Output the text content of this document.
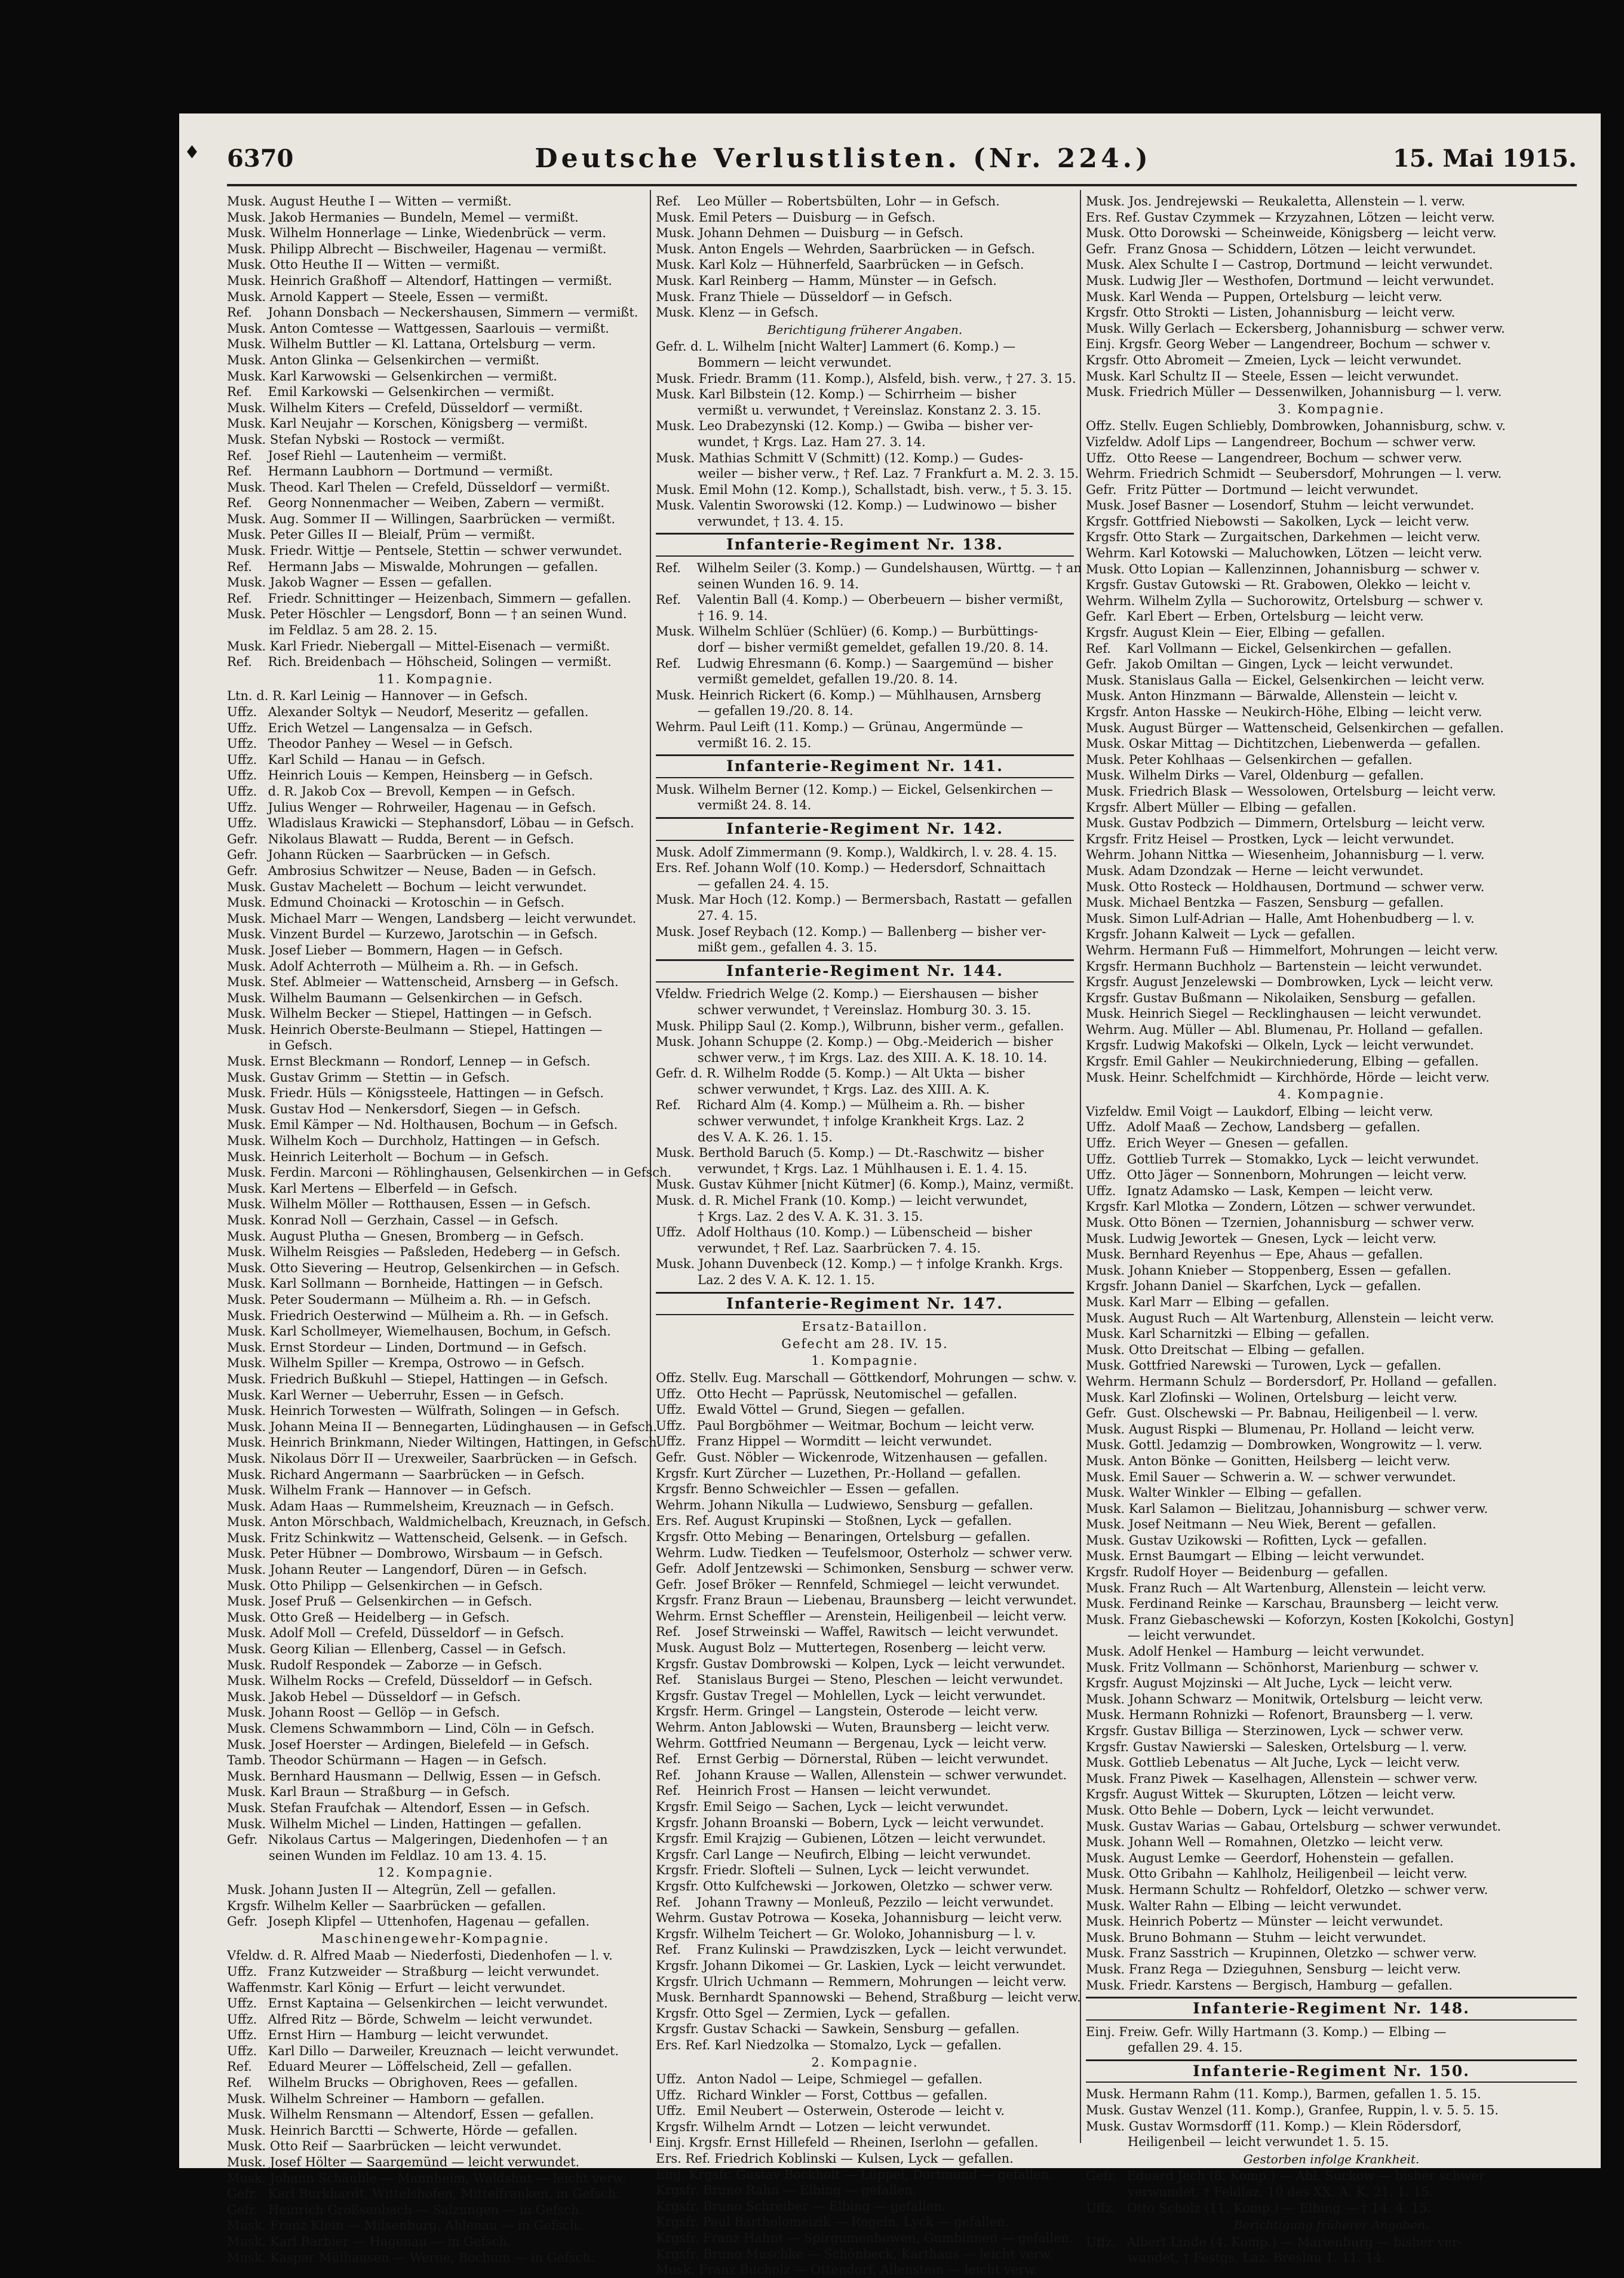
♦ 6370	Deutsche Verlustlisten. (Nr. 224.)	15. Mai 1915.
Musk. August Heuthe I — Witten — vermißt.
Musk. Jakob Hermanies — Bundeln, Memel — vermißt.
Musk. Wilhelm Honnerlage — Linke, Wiedenbrück — verm.
Musk. Philipp Albrecht — Bischweiler, Hagenau — vermißt.
Musk. Otto Heuthe II — Witten — vermißt.
Musk. Heinrich Graßhoff — Altendorf, Hattingen — vermißt.
Musk. Arnold Kappert — Steele, Essen — vermißt.
Ref. Johann Donsbach — Neckershausen, Simmern — vermißt.
Musk. Anton Comtesse — Wattgessen, Saarlouis — vermißt.
Musk. Wilhelm Buttler — Kl. Lattana, Ortelsburg — verm.
Musk. Anton Glinka — Gelsenkirchen — vermißt.
Musk. Karl Karwowski — Gelsenkirchen — vermißt.
Ref. Emil Karkowski — Gelsenkirchen — vermißt.
Musk. Wilhelm Kiters — Crefeld, Düsseldorf — vermißt.
Musk. Karl Neujahr — Korschen, Königsberg — vermißt.
Musk. Stefan Nybski — Rostock — vermißt.
Ref. Josef Riehl — Lautenheim — vermißt.
Ref. Hermann Laubhorn — Dortmund — vermißt.
Musk. Theod. Karl Thelen — Crefeld, Düsseldorf — vermißt.
Ref. Georg Nonnenmacher — Weiben, Zabern — vermißt.
Musk. Aug. Sommer II — Willingen, Saarbrücken — vermißt.
Musk. Peter Gilles II — Bleialf, Prüm — vermißt.
Musk. Friedr. Wittje — Pentsele, Stettin — schwer verwundet.
Ref. Hermann Jabs — Miswalde, Mohrungen — gefallen.
Musk. Jakob Wagner — Essen — gefallen.
Ref. Friedr. Schnittinger — Heizenbach, Simmern — gefallen.
Musk. Peter Höschler — Lengsdorf, Bonn — † an seinen Wund.
im Feldlaz. 5 am 28. 2. 15.
Musk. Karl Friedr. Niebergall — Mittel-Eisenach — vermißt.
Ref. Rich. Breidenbach — Höhscheid, Solingen — vermißt.
11. Kompagnie.
Ltn. d. R. Karl Leinig — Hannover — in Gefsch.
Uffz. Alexander Soltyk — Neudorf, Meseritz — gefallen.
Uffz. Erich Wetzel — Langensalza — in Gefsch.
Uffz. Theodor Panhey — Wesel — in Gefsch.
Uffz. Karl Schild — Hanau — in Gefsch.
Uffz. Heinrich Louis — Kempen, Heinsberg — in Gefsch.
Uffz. d. R. Jakob Cox — Brevoll, Kempen — in Gefsch.
Uffz. Julius Wenger — Rohrweiler, Hagenau — in Gefsch.
Uffz. Wladislaus Krawicki — Stephansdorf, Löbau — in Gefsch.
Gefr. Nikolaus Blawatt — Rudda, Berent — in Gefsch.
Gefr. Johann Rücken — Saarbrücken — in Gefsch.
Gefr. Ambrosius Schwitzer — Neuse, Baden — in Gefsch.
Musk. Gustav Machelett — Bochum — leicht verwundet.
Musk. Edmund Choinacki — Krotoschin — in Gefsch.
Musk. Michael Marr — Wengen, Landsberg — leicht verwundet.
Musk. Vinzent Burdel — Kurzewo, Jarotschin — in Gefsch.
Musk. Josef Lieber — Bommern, Hagen — in Gefsch.
Musk. Adolf Achterroth — Mülheim a. Rh. — in Gefsch.
Musk. Stef. Ablmeier — Wattenscheid, Arnsberg — in Gefsch.
Musk. Wilhelm Baumann — Gelsenkirchen — in Gefsch.
Musk. Wilhelm Becker — Stiepel, Hattingen — in Gefsch.
Musk. Heinrich Oberste-Beulmann — Stiepel, Hattingen —
in Gefsch.
Musk. Ernst Bleckmann — Rondorf, Lennep — in Gefsch.
Musk. Gustav Grimm — Stettin — in Gefsch.
Musk. Friedr. Hüls — Königssteele, Hattingen — in Gefsch.
Musk. Gustav Hod — Nenkersdorf, Siegen — in Gefsch.
Musk. Emil Kämper — Nd. Holthausen, Bochum — in Gefsch.
Musk. Wilhelm Koch — Durchholz, Hattingen — in Gefsch.
Musk. Heinrich Leiterholt — Bochum — in Gefsch.
Musk. Ferdin. Marconi — Röhlinghausen, Gelsenkirchen — in Gefsch.
Musk. Karl Mertens — Elberfeld — in Gefsch.
Musk. Wilhelm Möller — Rotthausen, Essen — in Gefsch.
Musk. Konrad Noll — Gerzhain, Cassel — in Gefsch.
Musk. August Plutha — Gnesen, Bromberg — in Gefsch.
Musk. Wilhelm Reisgies — Paßsleden, Hedeberg — in Gefsch.
Musk. Otto Sievering — Heutrop, Gelsenkirchen — in Gefsch.
Musk. Karl Sollmann — Bornheide, Hattingen — in Gefsch.
Musk. Peter Soudermann — Mülheim a. Rh. — in Gefsch.
Musk. Friedrich Oesterwind — Mülheim a. Rh. — in Gefsch.
Musk. Karl Schollmeyer, Wiemelhausen, Bochum, in Gefsch.
Musk. Ernst Stordeur — Linden, Dortmund — in Gefsch.
Musk. Wilhelm Spiller — Krempa, Ostrowo — in Gefsch.
Musk. Friedrich Bußkuhl — Stiepel, Hattingen — in Gefsch.
Musk. Karl Werner — Ueberruhr, Essen — in Gefsch.
Musk. Heinrich Torwesten — Wülfrath, Solingen — in Gefsch.
Musk. Johann Meina II — Bennegarten, Lüdinghausen — in Gefsch.
Musk. Heinrich Brinkmann, Nieder Wiltingen, Hattingen, in Gefsch.
Musk. Nikolaus Dörr II — Urexweiler, Saarbrücken — in Gefsch.
Musk. Richard Angermann — Saarbrücken — in Gefsch.
Musk. Wilhelm Frank — Hannover — in Gefsch.
Musk. Adam Haas — Rummelsheim, Kreuznach — in Gefsch.
Musk. Anton Mörschbach, Waldmichelbach, Kreuznach, in Gefsch.
Musk. Fritz Schinkwitz — Wattenscheid, Gelsenk. — in Gefsch.
Musk. Peter Hübner — Dombrowo, Wirsbaum — in Gefsch.
Musk. Johann Reuter — Langendorf, Düren — in Gefsch.
Musk. Otto Philipp — Gelsenkirchen — in Gefsch.
Musk. Josef Pruß — Gelsenkirchen — in Gefsch.
Musk. Otto Greß — Heidelberg — in Gefsch.
Musk. Adolf Moll — Crefeld, Düsseldorf — in Gefsch.
Musk. Georg Kilian — Ellenberg, Cassel — in Gefsch.
Musk. Rudolf Respondek — Zaborze — in Gefsch.
Musk. Wilhelm Rocks — Crefeld, Düsseldorf — in Gefsch.
Musk. Jakob Hebel — Düsseldorf — in Gefsch.
Musk. Johann Roost — Gellöp — in Gefsch.
Musk. Clemens Schwammborn — Lind, Cöln — in Gefsch.
Musk. Josef Hoerster — Ardingen, Bielefeld — in Gefsch.
Tamb. Theodor Schürmann — Hagen — in Gefsch.
Musk. Bernhard Hausmann — Dellwig, Essen — in Gefsch.
Musk. Karl Braun — Straßburg — in Gefsch.
Musk. Stefan Fraufchak — Altendorf, Essen — in Gefsch.
Musk. Wilhelm Michel — Linden, Hattingen — gefallen.
Gefr. Nikolaus Cartus — Malgeringen, Diedenhofen — † an
seinen Wunden im Feldlaz. 10 am 13. 4. 15.
12. Kompagnie.
Musk. Johann Justen II — Altegrün, Zell — gefallen.
Krgsfr. Wilhelm Keller — Saarbrücken — gefallen.
Gefr. Joseph Klipfel — Uttenhofen, Hagenau — gefallen.
Maschinengewehr-Kompagnie.
Vfeldw. d. R. Alfred Maab — Niederfosti, Diedenhofen — l. v.
Uffz. Franz Kutzweider — Straßburg — leicht verwundet.
Waffenmstr. Karl König — Erfurt — leicht verwundet.
Uffz. Ernst Kaptaina — Gelsenkirchen — leicht verwundet.
Uffz. Alfred Ritz — Börde, Schwelm — leicht verwundet.
Uffz. Ernst Hirn — Hamburg — leicht verwundet.
Uffz. Karl Dillo — Darweiler, Kreuznach — leicht verwundet.
Ref. Eduard Meurer — Löffelscheid, Zell — gefallen.
Ref. Wilhelm Brucks — Obrighoven, Rees — gefallen.
Musk. Wilhelm Schreiner — Hamborn — gefallen.
Musk. Wilhelm Rensmann — Altendorf, Essen — gefallen.
Musk. Heinrich Barctti — Schwerte, Hörde — gefallen.
Musk. Otto Reif — Saarbrücken — leicht verwundet.
Musk. Josef Hölter — Saargemünd — leicht verwundet.
Musk. Johann Schäuble — Mannheim, Waldshut — leicht verw.
Gefr. Karl Burkhardt, Wittelshofen, Mittelfranken, in Gefsch.
Gefr. Heinrich Großsenbach — Salzungen — in Gefsch.
Musk. Franz Klein — Milsenburg, Ahlenau — in Gefsch.
Musk. Karl Barbier — Hagenau — in Gefsch.
Musk. Kaspar Mülhausen — Werne, Bochum — in Gefsch.
Ref. Leo Müller — Robertsbülten, Lohr — in Gefsch.
Musk. Emil Peters — Duisburg — in Gefsch.
Musk. Johann Dehmen — Duisburg — in Gefsch.
Musk. Anton Engels — Wehrden, Saarbrücken — in Gefsch.
Musk. Karl Kolz — Hühnerfeld, Saarbrücken — in Gefsch.
Musk. Karl Reinberg — Hamm, Münster — in Gefsch.
Musk. Franz Thiele — Düsseldorf — in Gefsch.
Musk. Klenz — in Gefsch.
Berichtigung früherer Angaben.
Gefr. d. L. Wilhelm [nicht Walter] Lammert (6. Komp.) —
Bommern — leicht verwundet.
Musk. Friedr. Bramm (11. Komp.), Alsfeld, bish. verw., † 27. 3. 15.
Musk. Karl Bilbstein (12. Komp.) — Schirrheim — bisher
vermißt u. verwundet, † Vereinslaz. Konstanz 2. 3. 15.
Musk. Leo Drabezynski (12. Komp.) — Gwiba — bisher ver-
wundet, † Krgs. Laz. Ham 27. 3. 14.
Musk. Mathias Schmitt V (Schmitt) (12. Komp.) — Gudes-
weiler — bisher verw., † Ref. Laz. 7 Frankfurt a. M. 2. 3. 15.
Musk. Emil Mohn (12. Komp.), Schallstadt, bish. verw., † 5. 3. 15.
Musk. Valentin Sworowski (12. Komp.) — Ludwinowo — bisher
verwundet, † 13. 4. 15.
Infanterie-Regiment Nr. 138.
Ref. Wilhelm Seiler (3. Komp.) — Gundelshausen, Württg. — † an
seinen Wunden 16. 9. 14.
Ref. Valentin Ball (4. Komp.) — Oberbeuern — bisher vermißt,
† 16. 9. 14.
Musk. Wilhelm Schlüer (Schlüer) (6. Komp.) — Burbüttings-
dorf — bisher vermißt gemeldet, gefallen 19./20. 8. 14.
Ref. Ludwig Ehresmann (6. Komp.) — Saargemünd — bisher
vermißt gemeldet, gefallen 19./20. 8. 14.
Musk. Heinrich Rickert (6. Komp.) — Mühlhausen, Arnsberg
— gefallen 19./20. 8. 14.
Wehrm. Paul Leift (11. Komp.) — Grünau, Angermünde —
vermißt 16. 2. 15.
Infanterie-Regiment Nr. 141.
Musk. Wilhelm Berner (12. Komp.) — Eickel, Gelsenkirchen —
vermißt 24. 8. 14.
Infanterie-Regiment Nr. 142.
Musk. Adolf Zimmermann (9. Komp.), Waldkirch, l. v. 28. 4. 15.
Ers. Ref. Johann Wolf (10. Komp.) — Hedersdorf, Schnaittach
— gefallen 24. 4. 15.
Musk. Mar Hoch (12. Komp.) — Bermersbach, Rastatt — gefallen
27. 4. 15.
Musk. Josef Reybach (12. Komp.) — Ballenberg — bisher ver-
mißt gem., gefallen 4. 3. 15.
Infanterie-Regiment Nr. 144.
Vfeldw. Friedrich Welge (2. Komp.) — Eiershausen — bisher
schwer verwundet, † Vereinslaz. Homburg 30. 3. 15.
Musk. Philipp Saul (2. Komp.), Wilbrunn, bisher verm., gefallen.
Musk. Johann Schuppe (2. Komp.) — Obg.-Meiderich — bisher
schwer verw., † im Krgs. Laz. des XIII. A. K. 18. 10. 14.
Gefr. d. R. Wilhelm Rodde (5. Komp.) — Alt Ukta — bisher
schwer verwundet, † Krgs. Laz. des XIII. A. K.
Ref. Richard Alm (4. Komp.) — Mülheim a. Rh. — bisher
schwer verwundet, † infolge Krankheit Krgs. Laz. 2
des V. A. K. 26. 1. 15.
Musk. Berthold Baruch (5. Komp.) — Dt.-Raschwitz — bisher
verwundet, † Krgs. Laz. 1 Mühlhausen i. E. 1. 4. 15.
Musk. Gustav Kühmer [nicht Kütmer] (6. Komp.), Mainz, vermißt.
Musk. d. R. Michel Frank (10. Komp.) — leicht verwundet,
† Krgs. Laz. 2 des V. A. K. 31. 3. 15.
Uffz. Adolf Holthaus (10. Komp.) — Lübenscheid — bisher
verwundet, † Ref. Laz. Saarbrücken 7. 4. 15.
Musk. Johann Duvenbeck (12. Komp.) — † infolge Krankh. Krgs.
Laz. 2 des V. A. K. 12. 1. 15.
Infanterie-Regiment Nr. 147.
Ersatz-Bataillon.
Gefecht am 28. IV. 15.
1. Kompagnie.
Offz. Stellv. Eug. Marschall — Göttkendorf, Mohrungen — schw. v.
Uffz. Otto Hecht — Paprüssk, Neutomischel — gefallen.
Uffz. Ewald Vöttel — Grund, Siegen — gefallen.
Uffz. Paul Borgböhmer — Weitmar, Bochum — leicht verw.
Uffz. Franz Hippel — Wormditt — leicht verwundet.
Gefr. Gust. Nöbler — Wickenrode, Witzenhausen — gefallen.
Krgsfr. Kurt Zürcher — Luzethen, Pr.-Holland — gefallen.
Krgsfr. Benno Schweichler — Essen — gefallen.
Wehrm. Johann Nikulla — Ludwiewo, Sensburg — gefallen.
Ers. Ref. August Krupinski — Stoßnen, Lyck — gefallen.
Krgsfr. Otto Mebing — Benaringen, Ortelsburg — gefallen.
Wehrm. Ludw. Tiedken — Teufelsmoor, Osterholz — schwer verw.
Gefr. Adolf Jentzewski — Schimonken, Sensburg — schwer verw.
Gefr. Josef Bröker — Rennfeld, Schmiegel — leicht verwundet.
Krgsfr. Franz Braun — Liebenau, Braunsberg — leicht verwundet.
Wehrm. Ernst Scheffler — Arenstein, Heiligenbeil — leicht verw.
Ref. Josef Strweinski — Waffel, Rawitsch — leicht verwundet.
Musk. August Bolz — Muttertegen, Rosenberg — leicht verw.
Krgsfr. Gustav Dombrowski — Kolpen, Lyck — leicht verwundet.
Ref. Stanislaus Burgei — Steno, Pleschen — leicht verwundet.
Krgsfr. Gustav Tregel — Mohlellen, Lyck — leicht verwundet.
Krgsfr. Herm. Gringel — Langstein, Osterode — leicht verw.
Wehrm. Anton Jablowski — Wuten, Braunsberg — leicht verw.
Wehrm. Gottfried Neumann — Bergenau, Lyck — leicht verw.
Ref. Ernst Gerbig — Dörnerstal, Rüben — leicht verwundet.
Ref. Johann Krause — Wallen, Allenstein — schwer verwundet.
Ref. Heinrich Frost — Hansen — leicht verwundet.
Krgsfr. Emil Seigo — Sachen, Lyck — leicht verwundet.
Krgsfr. Johann Broanski — Bobern, Lyck — leicht verwundet.
Krgsfr. Emil Krajzig — Gubienen, Lötzen — leicht verwundet.
Krgsfr. Carl Lange — Neufirch, Elbing — leicht verwundet.
Krgsfr. Friedr. Slofteli — Sulnen, Lyck — leicht verwundet.
Krgsfr. Otto Kulfchewski — Jorkowen, Oletzko — schwer verw.
Ref. Johann Trawny — Monleuß, Pezzilo — leicht verwundet.
Wehrm. Gustav Potrowa — Koseka, Johannisburg — leicht verw.
Krgsfr. Wilhelm Teichert — Gr. Woloko, Johannisburg — l. v.
Ref. Franz Kulinski — Prawdziszken, Lyck — leicht verwundet.
Krgsfr. Johann Dikomei — Gr. Laskien, Lyck — leicht verwundet.
Krgsfr. Ulrich Uchmann — Remmern, Mohrungen — leicht verw.
Musk. Bernhardt Spannowski — Behend, Straßburg — leicht verw.
Krgsfr. Otto Sgel — Zermien, Lyck — gefallen.
Krgsfr. Gustav Schacki — Sawkein, Sensburg — gefallen.
Ers. Ref. Karl Niedzolka — Stomalzo, Lyck — gefallen.
2. Kompagnie.
Uffz. Anton Nadol — Leipe, Schmiegel — gefallen.
Uffz. Richard Winkler — Forst, Cottbus — gefallen.
Uffz. Emil Neubert — Osterwein, Osterode — leicht v.
Krgsfr. Wilhelm Arndt — Lotzen — leicht verwundet.
Einj. Krgsfr. Ernst Hillefeld — Rheinen, Iserlohn — gefallen.
Ers. Ref. Friedrich Koblinski — Kulsen, Lyck — gefallen.
Einj. Krgsfr. Gustav Bockholt — Lüppel, Dortmund — gefallen.
Krgsfr. Bruno Rahn — Elbing — gefallen.
Krgsfr. Bruno Schreiber — Elbing — gefallen.
Krgsfr. Paul Bartholomeizik — Regeln, Lyck — gefallen.
Krgsfr. Franz Hahnt — Spirgumenhowen, Gumbinnen — gefallen.
Krgsfr. Bruno Muschke — Schönbeck, Karthaus — leicht verw.
Musk. Franz Bucholz — Ottendorf, Allenstein — leicht verw.
Musk. Jos. Jendrejewski — Reukaletta, Allenstein — l. verw.
Ers. Ref. Gustav Czymmek — Krzyzahnen, Lötzen — leicht verw.
Musk. Otto Dorowski — Scheinweide, Königsberg — leicht verw.
Gefr. Franz Gnosa — Schiddern, Lötzen — leicht verwundet.
Musk. Alex Schulte I — Castrop, Dortmund — leicht verwundet.
Musk. Ludwig Jler — Westhofen, Dortmund — leicht verwundet.
Musk. Karl Wenda — Puppen, Ortelsburg — leicht verw.
Krgsfr. Otto Strokti — Listen, Johannisburg — leicht verw.
Musk. Willy Gerlach — Eckersberg, Johannisburg — schwer verw.
Einj. Krgsfr. Georg Weber — Langendreer, Bochum — schwer v.
Krgsfr. Otto Abromeit — Zmeien, Lyck — leicht verwundet.
Musk. Karl Schultz II — Steele, Essen — leicht verwundet.
Musk. Friedrich Müller — Dessenwilken, Johannisburg — l. verw.
3. Kompagnie.
Offz. Stellv. Eugen Schliebly, Dombrowken, Johannisburg, schw. v.
Vizfeldw. Adolf Lips — Langendreer, Bochum — schwer verw.
Uffz. Otto Reese — Langendreer, Bochum — schwer verw.
Wehrm. Friedrich Schmidt — Seubersdorf, Mohrungen — l. verw.
Gefr. Fritz Pütter — Dortmund — leicht verwundet.
Musk. Josef Basner — Losendorf, Stuhm — leicht verwundet.
Krgsfr. Gottfried Niebowsti — Sakolken, Lyck — leicht verw.
Krgsfr. Otto Stark — Zurgaitschen, Darkehmen — leicht verw.
Wehrm. Karl Kotowski — Maluchowken, Lötzen — leicht verw.
Musk. Otto Lopian — Kallenzinnen, Johannisburg — schwer v.
Krgsfr. Gustav Gutowski — Rt. Grabowen, Olekko — leicht v.
Wehrm. Wilhelm Zylla — Suchorowitz, Ortelsburg — schwer v.
Gefr. Karl Ebert — Erben, Ortelsburg — leicht verw.
Krgsfr. August Klein — Eier, Elbing — gefallen.
Ref. Karl Vollmann — Eickel, Gelsenkirchen — gefallen.
Gefr. Jakob Omiltan — Gingen, Lyck — leicht verwundet.
Musk. Stanislaus Galla — Eickel, Gelsenkirchen — leicht verw.
Musk. Anton Hinzmann — Bärwalde, Allenstein — leicht v.
Krgsfr. Anton Hasske — Neukirch-Höhe, Elbing — leicht verw.
Musk. August Bürger — Wattenscheid, Gelsenkirchen — gefallen.
Musk. Oskar Mittag — Dichtitzchen, Liebenwerda — gefallen.
Musk. Peter Kohlhaas — Gelsenkirchen — gefallen.
Musk. Wilhelm Dirks — Varel, Oldenburg — gefallen.
Musk. Friedrich Blask — Wessolowen, Ortelsburg — leicht verw.
Krgsfr. Albert Müller — Elbing — gefallen.
Musk. Gustav Podbzich — Dimmern, Ortelsburg — leicht verw.
Krgsfr. Fritz Heisel — Prostken, Lyck — leicht verwundet.
Wehrm. Johann Nittka — Wiesenheim, Johannisburg — l. verw.
Musk. Adam Dzondzak — Herne — leicht verwundet.
Musk. Otto Rosteck — Holdhausen, Dortmund — schwer verw.
Musk. Michael Bentzka — Faszen, Sensburg — gefallen.
Musk. Simon Lulf-Adrian — Halle, Amt Hohenbudberg — l. v.
Krgsfr. Johann Kalweit — Lyck — gefallen.
Wehrm. Hermann Fuß — Himmelfort, Mohrungen — leicht verw.
Krgsfr. Hermann Buchholz — Bartenstein — leicht verwundet.
Krgsfr. August Jenzelewski — Dombrowken, Lyck — leicht verw.
Krgsfr. Gustav Bußmann — Nikolaiken, Sensburg — gefallen.
Musk. Heinrich Siegel — Recklinghausen — leicht verwundet.
Wehrm. Aug. Müller — Abl. Blumenau, Pr. Holland — gefallen.
Krgsfr. Ludwig Makofski — Olkeln, Lyck — leicht verwundet.
Krgsfr. Emil Gahler — Neukirchniederung, Elbing — gefallen.
Musk. Heinr. Schelfchmidt — Kirchhörde, Hörde — leicht verw.
4. Kompagnie.
Vizfeldw. Emil Voigt — Laukdorf, Elbing — leicht verw.
Uffz. Adolf Maaß — Zechow, Landsberg — gefallen.
Uffz. Erich Weyer — Gnesen — gefallen.
Uffz. Gottlieb Turrek — Stomakko, Lyck — leicht verwundet.
Uffz. Otto Jäger — Sonnenborn, Mohrungen — leicht verw.
Uffz. Ignatz Adamsko — Lask, Kempen — leicht verw.
Krgsfr. Karl Mlotka — Zondern, Lötzen — schwer verwundet.
Musk. Otto Bönen — Tzernien, Johannisburg — schwer verw.
Musk. Ludwig Jewortek — Gnesen, Lyck — leicht verw.
Musk. Bernhard Reyenhus — Epe, Ahaus — gefallen.
Musk. Johann Knieber — Stoppenberg, Essen — gefallen.
Krgsfr. Johann Daniel — Skarfchen, Lyck — gefallen.
Musk. Karl Marr — Elbing — gefallen.
Musk. August Ruch — Alt Wartenburg, Allenstein — leicht verw.
Musk. Karl Scharnitzki — Elbing — gefallen.
Musk. Otto Dreitschat — Elbing — gefallen.
Musk. Gottfried Narewski — Turowen, Lyck — gefallen.
Wehrm. Hermann Schulz — Bordersdorf, Pr. Holland — gefallen.
Musk. Karl Zlofinski — Wolinen, Ortelsburg — leicht verw.
Gefr. Gust. Olschewski — Pr. Babnau, Heiligenbeil — l. verw.
Musk. August Rispki — Blumenau, Pr. Holland — leicht verw.
Musk. Gottl. Jedamzig — Dombrowken, Wongrowitz — l. verw.
Musk. Anton Bönke — Gonitten, Heilsberg — leicht verw.
Musk. Emil Sauer — Schwerin a. W. — schwer verwundet.
Musk. Walter Winkler — Elbing — gefallen.
Musk. Karl Salamon — Bielitzau, Johannisburg — schwer verw.
Musk. Josef Neitmann — Neu Wiek, Berent — gefallen.
Musk. Gustav Uzikowski — Rofitten, Lyck — gefallen.
Musk. Ernst Baumgart — Elbing — leicht verwundet.
Krgsfr. Rudolf Hoyer — Beidenburg — gefallen.
Musk. Franz Ruch — Alt Wartenburg, Allenstein — leicht verw.
Musk. Ferdinand Reinke — Karschau, Braunsberg — leicht verw.
Musk. Franz Giebaschewski — Koforzyn, Kosten [Kokolchi, Gostyn]
— leicht verwundet.
Musk. Adolf Henkel — Hamburg — leicht verwundet.
Musk. Fritz Vollmann — Schönhorst, Marienburg — schwer v.
Krgsfr. August Mojzinski — Alt Juche, Lyck — leicht verw.
Musk. Johann Schwarz — Monitwik, Ortelsburg — leicht verw.
Musk. Hermann Rohnizki — Rofenort, Braunsberg — l. verw.
Krgsfr. Gustav Billiga — Sterzinowen, Lyck — schwer verw.
Krgsfr. Gustav Nawierski — Salesken, Ortelsburg — l. verw.
Musk. Gottlieb Lebenatus — Alt Juche, Lyck — leicht verw.
Musk. Franz Piwek — Kaselhagen, Allenstein — schwer verw.
Krgsfr. August Wittek — Skurupten, Lötzen — leicht verw.
Musk. Otto Behle — Dobern, Lyck — leicht verwundet.
Musk. Gustav Warias — Gabau, Ortelsburg — schwer verwundet.
Musk. Johann Well — Romahnen, Oletzko — leicht verw.
Musk. August Lemke — Geerdorf, Hohenstein — gefallen.
Musk. Otto Gribahn — Kahlholz, Heiligenbeil — leicht verw.
Musk. Hermann Schultz — Rohfeldorf, Oletzko — schwer verw.
Musk. Walter Rahn — Elbing — leicht verwundet.
Musk. Heinrich Pobertz — Münster — leicht verwundet.
Musk. Bruno Bohmann — Stuhm — leicht verwundet.
Musk. Franz Sasstrich — Krupinnen, Oletzko — schwer verw.
Musk. Franz Rega — Dzieguhnen, Sensburg — leicht verw.
Musk. Friedr. Karstens — Bergisch, Hamburg — gefallen.
Infanterie-Regiment Nr. 148.
Einj. Freiw. Gefr. Willy Hartmann (3. Komp.) — Elbing —
gefallen 29. 4. 15.
Infanterie-Regiment Nr. 150.
Musk. Hermann Rahm (11. Komp.), Barmen, gefallen 1. 5. 15.
Musk. Gustav Wenzel (11. Komp.), Granfee, Ruppin, l. v. 5. 5. 15.
Musk. Gustav Wormsdorff (11. Komp.) — Klein Rödersdorf,
Heiligenbeil — leicht verwundet 1. 5. 15.
Gestorben infolge Krankheit.
Gefr. Eduard Jech (8. Komp.) — Abl. Suckow — bisher schwer
verwundet, † Feldlaz. 10 des XX. A. K. 21. 1. 15.
Uffz. Otto Scholz (11. Komp.) — Elbing — † 14. 4. 15.
Berichtigung früherer Angaben.
Uffz. Albert Linde (4. Komp.) — Marienburg — bisher ver-
wundet, † Festgs. Laz. Breslau 1. 11. 14.
